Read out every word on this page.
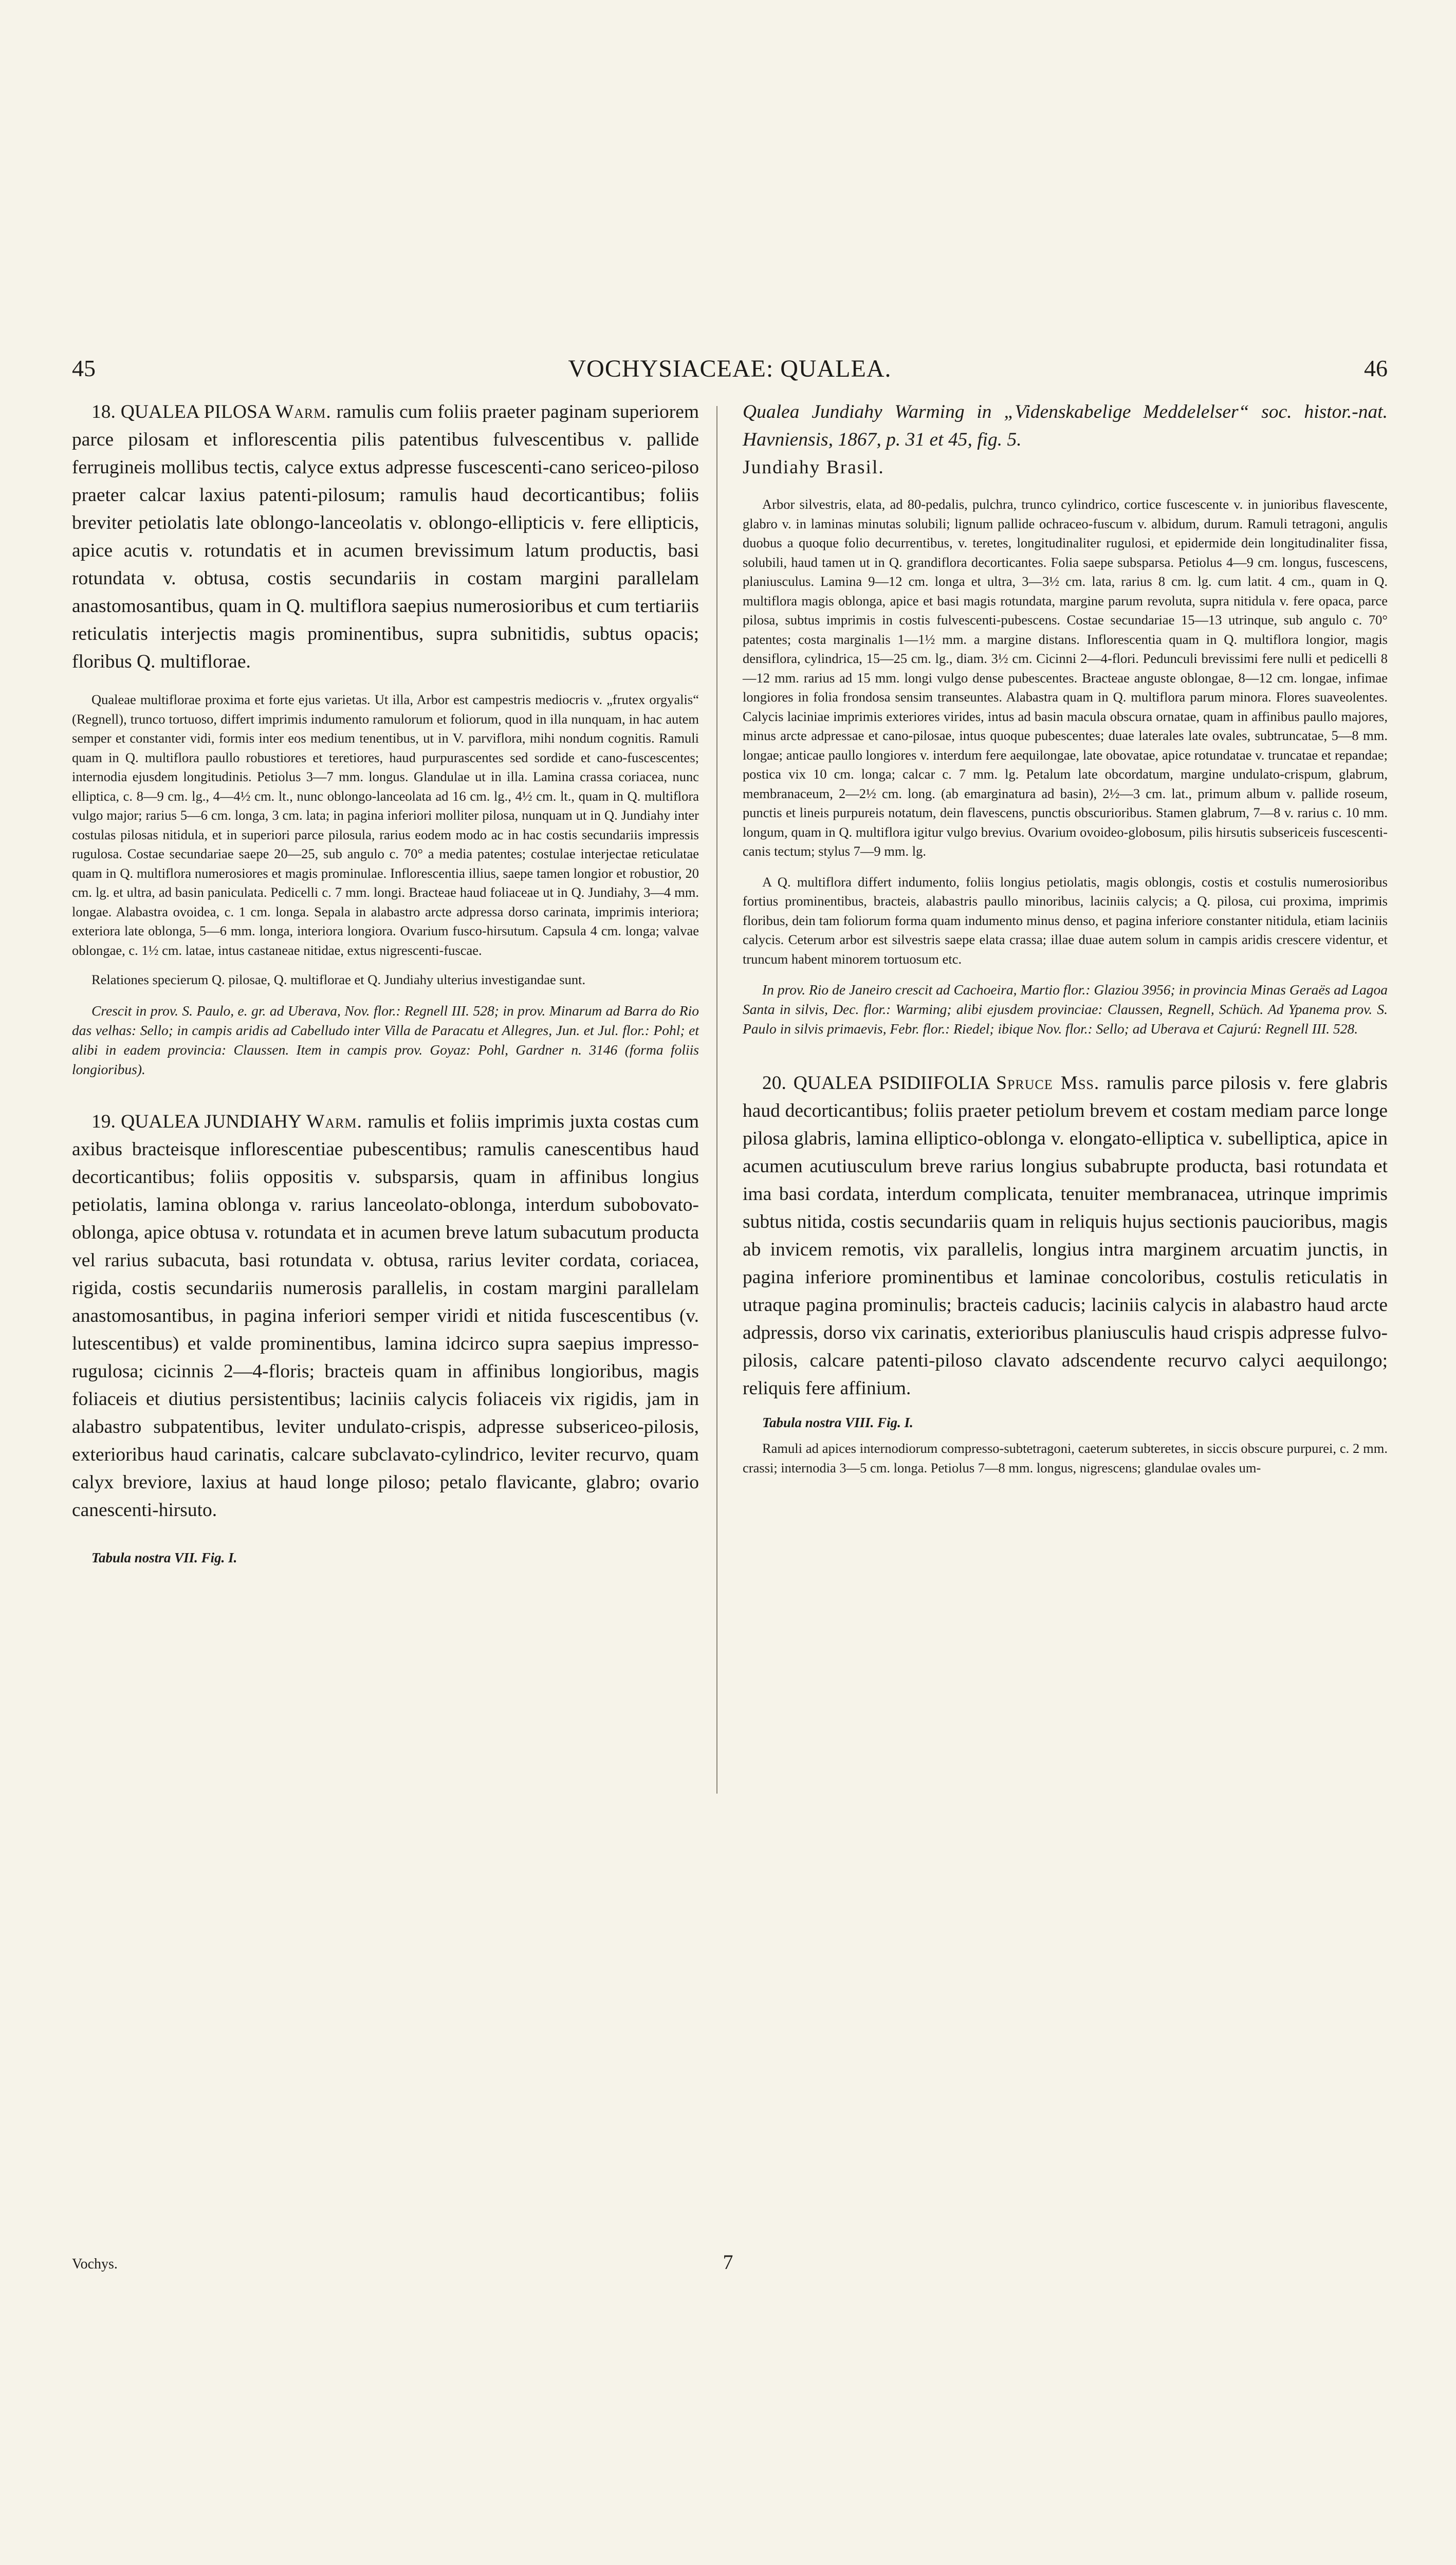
45	VOCHYSIACEAE: QUALEA.	46

18. QUALEA PILOSA Warm. ramulis cum foliis praeter paginam superiorem parce pilosam et inflorescentia pilis patentibus fulvescentibus v. pallide ferrugineis mollibus tectis, calyce extus adpresse fuscescenti-cano sericeo-piloso praeter calcar laxius patenti-pilosum; ramulis haud decorticantibus; foliis breviter petiolatis late oblongo-lanceolatis v. oblongo-ellipticis v. fere ellipticis, apice acutis v. rotundatis et in acumen brevissimum latum productis, basi rotundata v. obtusa, costis secundariis in costam margini parallelam anastomosantibus, quam in Q. multiflora saepius numerosioribus et cum tertiariis reticulatis interjectis magis prominentibus, supra subnitidis, subtus opacis; floribus Q. multiflorae.

Qualeae multiflorae proxima et forte ejus varietas. Ut illa, Arbor est campestris mediocris v. „frutex orgyalis“ (Regnell), trunco tortuoso, differt imprimis indumento ramulorum et foliorum, quod in illa nunquam, in hac autem semper et constanter vidi, formis inter eos medium tenentibus, ut in V. parviflora, mihi nondum cognitis. Ramuli quam in Q. multiflora paullo robustiores et teretiores, haud purpurascentes sed sordide et cano-fuscescentes; internodia ejusdem longitudinis. Petiolus 3—7 mm. longus. Glandulae ut in illa. Lamina crassa coriacea, nunc elliptica, c. 8—9 cm. lg., 4—4½ cm. lt., nunc oblongo-lanceolata ad 16 cm. lg., 4½ cm. lt., quam in Q. multiflora vulgo major; rarius 5—6 cm. longa, 3 cm. lata; in pagina inferiori molliter pilosa, nunquam ut in Q. Jundiahy inter costulas pilosas nitidula, et in superiori parce pilosula, rarius eodem modo ac in hac costis secundariis impressis rugulosa. Costae secundariae saepe 20—25, sub angulo c. 70° a media patentes; costulae interjectae reticulatae quam in Q. multiflora numerosiores et magis prominulae. Inflorescentia illius, saepe tamen longior et robustior, 20 cm. lg. et ultra, ad basin paniculata. Pedicelli c. 7 mm. longi. Bracteae haud foliaceae ut in Q. Jundiahy, 3—4 mm. longae. Alabastra ovoidea, c. 1 cm. longa. Sepala in alabastro arcte adpressa dorso carinata, imprimis interiora; exteriora late oblonga, 5—6 mm. longa, interiora longiora. Ovarium fusco-hirsutum. Capsula 4 cm. longa; valvae oblongae, c. 1½ cm. latae, intus castaneae nitidae, extus nigrescenti-fuscae.

Relationes specierum Q. pilosae, Q. multiflorae et Q. Jundiahy ulterius investigandae sunt.

Crescit in prov. S. Paulo, e. gr. ad Uberava, Nov. flor.: Regnell III. 528; in prov. Minarum ad Barra do Rio das velhas: Sello; in campis aridis ad Cabelludo inter Villa de Paracatu et Allegres, Jun. et Jul. flor.: Pohl; et alibi in eadem provincia: Claussen. Item in campis prov. Goyaz: Pohl, Gardner n. 3146 (forma foliis longioribus).

19. QUALEA JUNDIAHY Warm. ramulis et foliis imprimis juxta costas cum axibus bracteisque inflorescentiae pubescentibus; ramulis canescentibus haud decorticantibus; foliis oppositis v. subsparsis, quam in affinibus longius petiolatis, lamina oblonga v. rarius lanceolato-oblonga, interdum subobovato-oblonga, apice obtusa v. rotundata et in acumen breve latum subacutum producta vel rarius subacuta, basi rotundata v. obtusa, rarius leviter cordata, coriacea, rigida, costis secundariis numerosis parallelis, in costam margini parallelam anastomosantibus, in pagina inferiori semper viridi et nitida fuscescentibus (v. lutescentibus) et valde prominentibus, lamina idcirco supra saepius impresso-rugulosa; cicinnis 2—4-floris; bracteis quam in affinibus longioribus, magis foliaceis et diutius persistentibus; laciniis calycis foliaceis vix rigidis, jam in alabastro subpatentibus, leviter undulato-crispis, adpresse subsericeo-pilosis, exterioribus haud carinatis, calcare subclavato-cylindrico, leviter recurvo, quam calyx breviore, laxius at haud longe piloso; petalo flavicante, glabro; ovario canescenti-hirsuto.

Tabula nostra VII. Fig. I.

Qualea Jundiahy Warming in „Videnskabelige Meddelelser“ soc. histor.-nat. Havniensis, 1867, p. 31 et 45, fig. 5.

Jundiahy Brasil.

Arbor silvestris, elata, ad 80-pedalis, pulchra, trunco cylindrico, cortice fuscescente v. in junioribus flavescente, glabro v. in laminas minutas solubili; lignum pallide ochraceo-fuscum v. albidum, durum. Ramuli tetragoni, angulis duobus a quoque folio decurrentibus, v. teretes, longitudinaliter rugulosi, et epidermide dein longitudinaliter fissa, solubili, haud tamen ut in Q. grandiflora decorticantes. Folia saepe subsparsa. Petiolus 4—9 cm. longus, fuscescens, planiusculus. Lamina 9—12 cm. longa et ultra, 3—3½ cm. lata, rarius 8 cm. lg. cum latit. 4 cm., quam in Q. multiflora magis oblonga, apice et basi magis rotundata, margine parum revoluta, supra nitidula v. fere opaca, parce pilosa, subtus imprimis in costis fulvescenti-pubescens. Costae secundariae 15—13 utrinque, sub angulo c. 70° patentes; costa marginalis 1—1½ mm. a margine distans. Inflorescentia quam in Q. multiflora longior, magis densiflora, cylindrica, 15—25 cm. lg., diam. 3½ cm. Cicinni 2—4-flori. Pedunculi brevissimi fere nulli et pedicelli 8—12 mm. rarius ad 15 mm. longi vulgo dense pubescentes. Bracteae anguste oblongae, 8—12 cm. longae, infimae longiores in folia frondosa sensim transeuntes. Alabastra quam in Q. multiflora parum minora. Flores suaveolentes. Calycis laciniae imprimis exteriores virides, intus ad basin macula obscura ornatae, quam in affinibus paullo majores, minus arcte adpressae et cano-pilosae, intus quoque pubescentes; duae laterales late ovales, subtruncatae, 5—8 mm. longae; anticae paullo longiores v. interdum fere aequilongae, late obovatae, apice rotundatae v. truncatae et repandae; postica vix 10 cm. longa; calcar c. 7 mm. lg. Petalum late obcordatum, margine undulato-crispum, glabrum, membranaceum, 2—2½ cm. long. (ab emarginatura ad basin), 2½—3 cm. lat., primum album v. pallide roseum, punctis et lineis purpureis notatum, dein flavescens, punctis obscurioribus. Stamen glabrum, 7—8 v. rarius c. 10 mm. longum, quam in Q. multiflora igitur vulgo brevius. Ovarium ovoideo-globosum, pilis hirsutis subsericeis fuscescenti-canis tectum; stylus 7—9 mm. lg.

A Q. multiflora differt indumento, foliis longius petiolatis, magis oblongis, costis et costulis numerosioribus fortius prominentibus, bracteis, alabastris paullo minoribus, laciniis calycis; a Q. pilosa, cui proxima, imprimis floribus, dein tam foliorum forma quam indumento minus denso, et pagina inferiore constanter nitidula, etiam laciniis calycis. Ceterum arbor est silvestris saepe elata crassa; illae duae autem solum in campis aridis crescere videntur, et truncum habent minorem tortuosum etc.

In prov. Rio de Janeiro crescit ad Cachoeira, Martio flor.: Glaziou 3956; in provincia Minas Geraës ad Lagoa Santa in silvis, Dec. flor.: Warming; alibi ejusdem provinciae: Claussen, Regnell, Schüch. Ad Ypanema prov. S. Paulo in silvis primaevis, Febr. flor.: Riedel; ibique Nov. flor.: Sello; ad Uberava et Cajurú: Regnell III. 528.

20. QUALEA PSIDIIFOLIA Spruce Mss. ramulis parce pilosis v. fere glabris haud decorticantibus; foliis praeter petiolum brevem et costam mediam parce longe pilosa glabris, lamina elliptico-oblonga v. elongato-elliptica v. subelliptica, apice in acumen acutiusculum breve rarius longius subabrupte producta, basi rotundata et ima basi cordata, interdum complicata, tenuiter membranacea, utrinque imprimis subtus nitida, costis secundariis quam in reliquis hujus sectionis paucioribus, magis ab invicem remotis, vix parallelis, longius intra marginem arcuatim junctis, in pagina inferiore prominentibus et laminae concoloribus, costulis reticulatis in utraque pagina prominulis; bracteis caducis; laciniis calycis in alabastro haud arcte adpressis, dorso vix carinatis, exterioribus planiusculis haud crispis adpresse fulvo-pilosis, calcare patenti-piloso clavato adscendente recurvo calyci aequilongo; reliquis fere affinium.

Tabula nostra VIII. Fig. I.

Ramuli ad apices internodiorum compresso-subtetragoni, caeterum subteretes, in siccis obscure purpurei, c. 2 mm. crassi; internodia 3—5 cm. longa. Petiolus 7—8 mm. longus, nigrescens; glandulae ovales um-

Vochys.	7
